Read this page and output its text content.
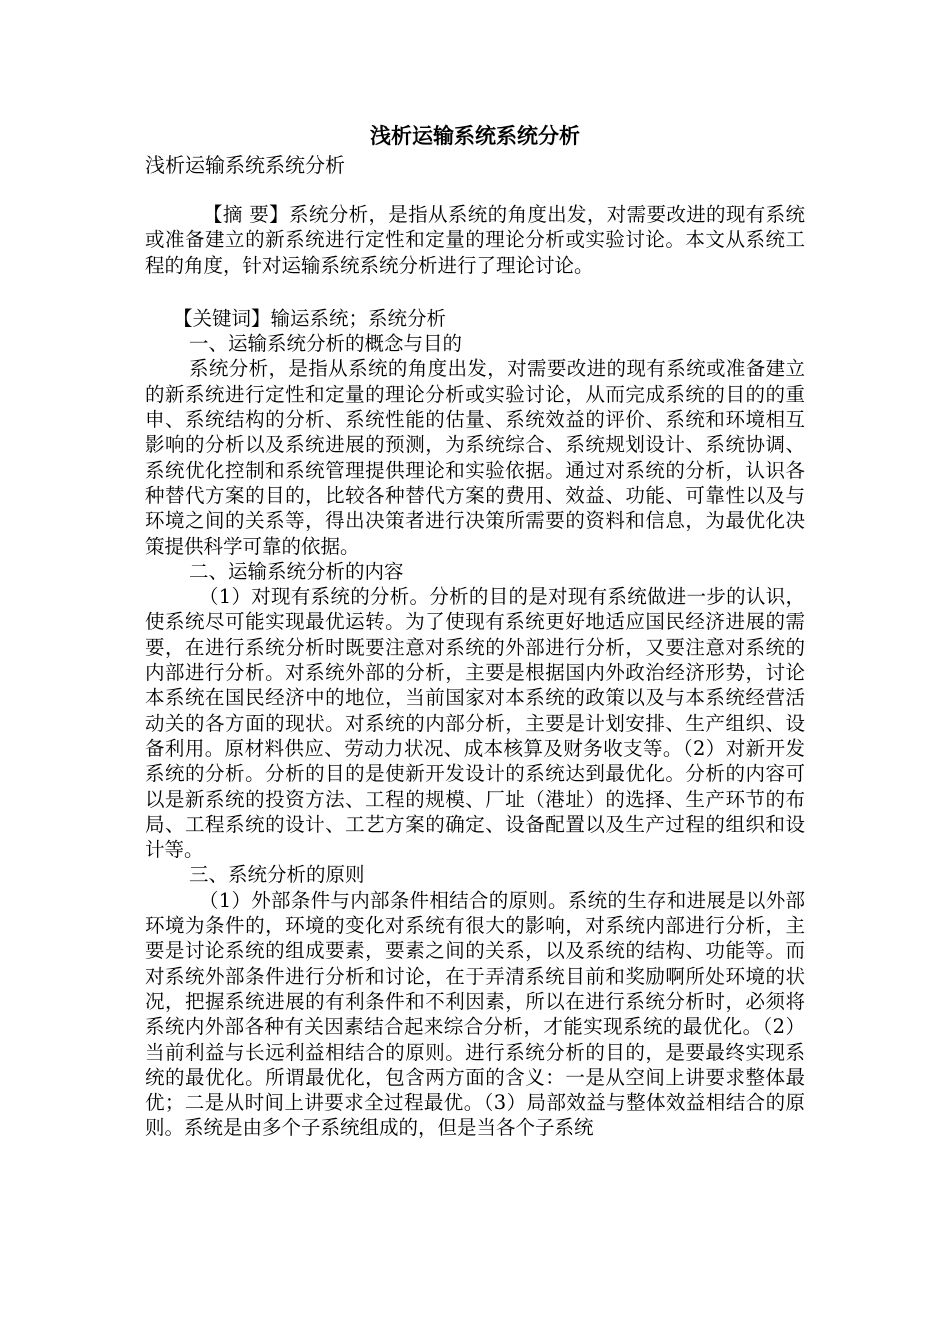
浅析运输系统系统分析
浅析运输系统系统分析

【摘 要】系统分析，是指从系统的角度出发，对需要改进的现有系统或准备建立的新系统进行定性和定量的理论分析或实验讨论。本文从系统工程的角度，针对运输系统系统分析进行了理论讨论。

【关键词】输运系统；系统分析

一、运输系统分析的概念与目的

系统分析，是指从系统的角度出发，对需要改进的现有系统或准备建立的新系统进行定性和定量的理论分析或实验讨论，从而完成系统的目的的重申、系统结构的分析、系统性能的估量、系统效益的评价、系统和环境相互影响的分析以及系统进展的预测，为系统综合、系统规划设计、系统协调、系统优化控制和系统管理提供理论和实验依据。通过对系统的分析，认识各种替代方案的目的，比较各种替代方案的费用、效益、功能、可靠性以及与环境之间的关系等，得出决策者进行决策所需要的资料和信息，为最优化决策提供科学可靠的依据。

二、运输系统分析的内容

（1）对现有系统的分析。分析的目的是对现有系统做进一步的认识，使系统尽可能实现最优运转。为了使现有系统更好地适应国民经济进展的需要，在进行系统分析时既要注意对系统的外部进行分析，又要注意对系统的内部进行分析。对系统外部的分析，主要是根据国内外政治经济形势，讨论本系统在国民经济中的地位，当前国家对本系统的政策以及与本系统经营活动关的各方面的现状。对系统的内部分析，主要是计划安排、生产组织、设备利用。原材料供应、劳动力状况、成本核算及财务收支等。（2）对新开发系统的分析。分析的目的是使新开发设计的系统达到最优化。分析的内容可以是新系统的投资方法、工程的规模、厂址（港址）的选择、生产环节的布局、工程系统的设计、工艺方案的确定、设备配置以及生产过程的组织和设计等。

三、系统分析的原则

（1）外部条件与内部条件相结合的原则。系统的生存和进展是以外部环境为条件的，环境的变化对系统有很大的影响，对系统内部进行分析，主要是讨论系统的组成要素，要素之间的关系，以及系统的结构、功能等。而对系统外部条件进行分析和讨论，在于弄清系统目前和奖励啊所处环境的状况，把握系统进展的有利条件和不利因素，所以在进行系统分析时，必须将系统内外部各种有关因素结合起来综合分析，才能实现系统的最优化。（2）当前利益与长远利益相结合的原则。进行系统分析的目的，是要最终实现系统的最优化。所谓最优化，包含两方面的含义：一是从空间上讲要求整体最优；二是从时间上讲要求全过程最优。（3）局部效益与整体效益相结合的原则。系统是由多个子系统组成的，但是当各个子系统
